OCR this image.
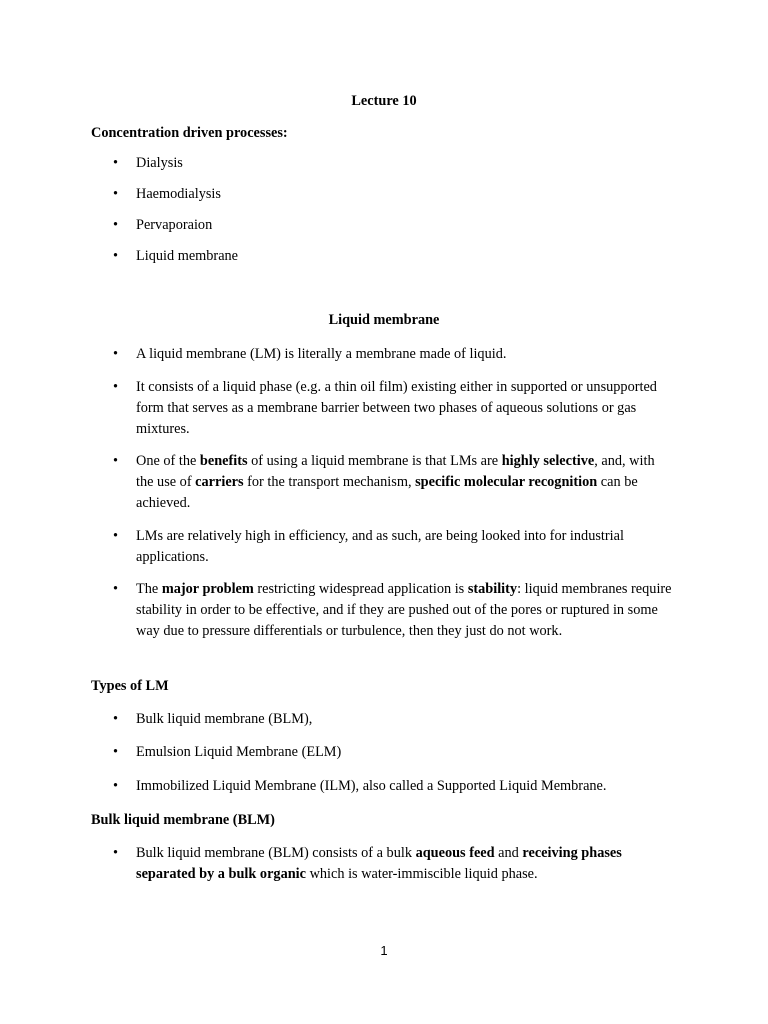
Lecture 10
Concentration driven processes:
• Dialysis
• Haemodialysis
• Pervaporaion
• Liquid membrane
Liquid membrane
• A liquid membrane (LM) is literally a membrane made of liquid.
• It consists of a liquid phase (e.g. a thin oil film) existing either in supported or unsupported form that serves as a membrane barrier between two phases of aqueous solutions or gas mixtures.
• One of the benefits of using a liquid membrane is that LMs are highly selective, and, with the use of carriers for the transport mechanism, specific molecular recognition can be achieved.
• LMs are relatively high in efficiency, and as such, are being looked into for industrial applications.
• The major problem restricting widespread application is stability: liquid membranes require stability in order to be effective, and if they are pushed out of the pores or ruptured in some way due to pressure differentials or turbulence, then they just do not work.
Types of LM
• Bulk liquid membrane (BLM),
• Emulsion Liquid Membrane (ELM)
• Immobilized Liquid Membrane (ILM), also called a Supported Liquid Membrane.
Bulk liquid membrane (BLM)
• Bulk liquid membrane (BLM) consists of a bulk aqueous feed and receiving phases separated by a bulk organic which is water-immiscible liquid phase.
1
